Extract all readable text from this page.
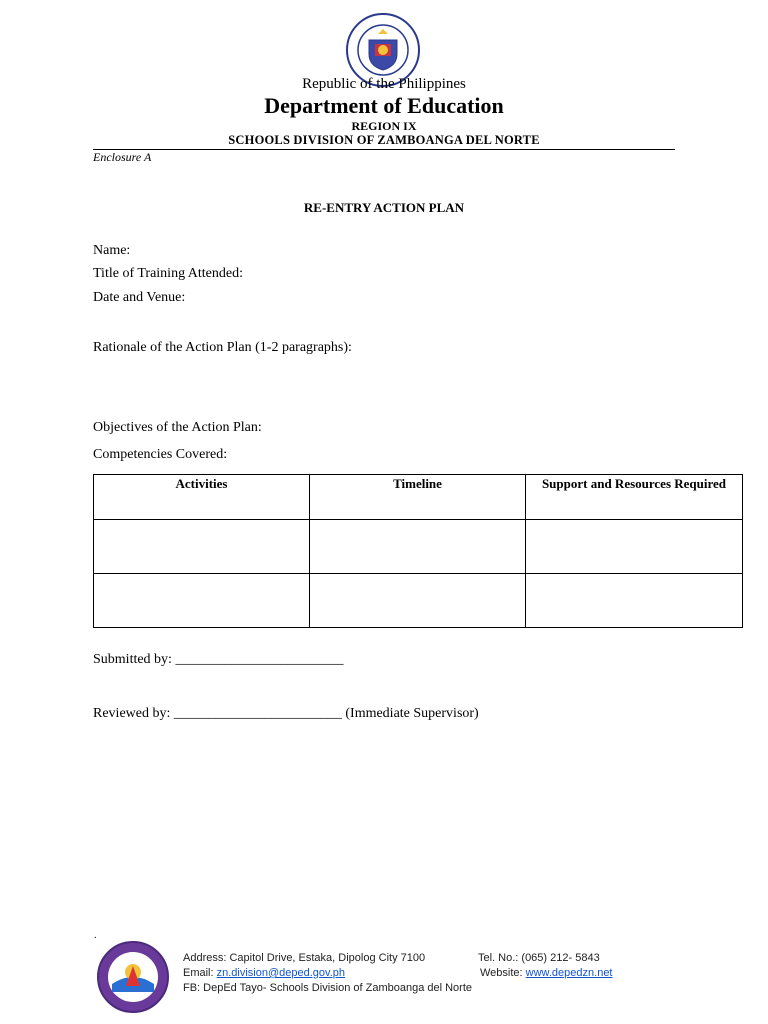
Republic of the Philippines
Department of Education
REGION IX
SCHOOLS DIVISION OF ZAMBOANGA DEL NORTE
Enclosure A
RE-ENTRY ACTION PLAN
Name:
Title of Training Attended:
Date and Venue:
Rationale of the Action Plan (1-2 paragraphs):
Objectives of the Action Plan:
Competencies Covered:
Activities	Timeline	Support and Resources Required

Submitted by: ________________________
Reviewed by: ________________________ (Immediate Supervisor)
.
Address: Capitol Drive, Estaka, Dipolog City 7100	Tel. No.: (065) 212- 5843
Email: zn.division@deped.gov.ph	Website: www.depedzn.net
FB: DepEd Tayo- Schools Division of Zamboanga del Norte
